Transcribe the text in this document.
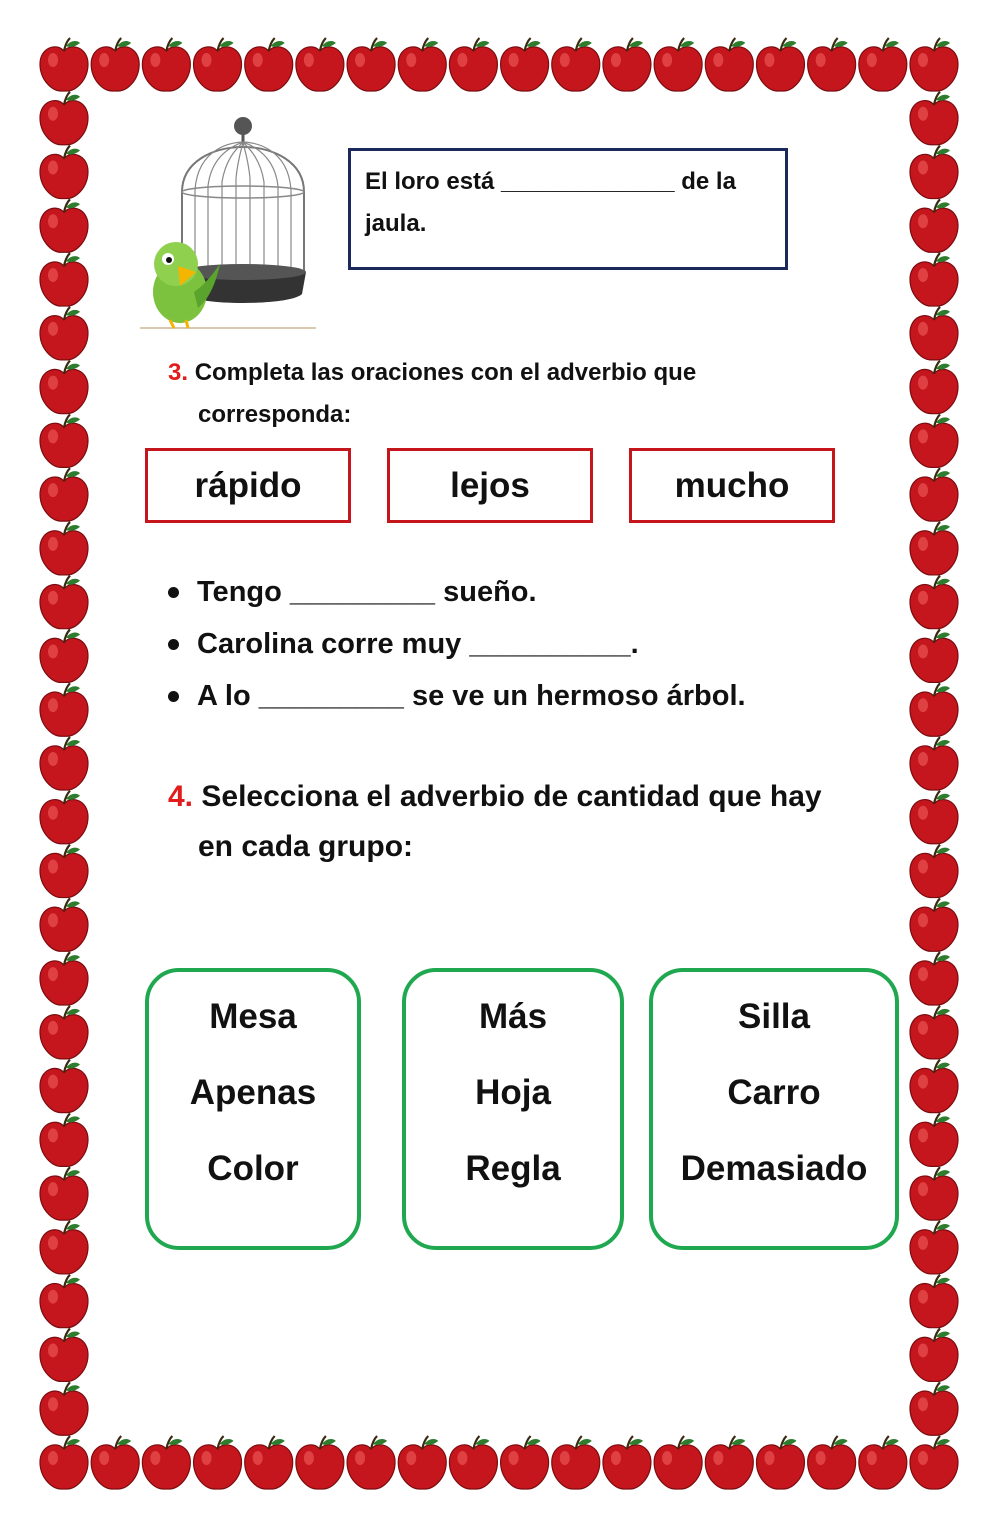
El loro está _____________ de la jaula.
3. Completa las oraciones con el adverbio que
corresponda:
rápido	lejos	mucho
Tengo _________ sueño.
Carolina corre muy __________.
A lo _________ se ve un hermoso árbol.
4. Selecciona el adverbio de cantidad que hay
en cada grupo:
Mesa
Apenas
Color
Más
Hoja
Regla
Silla
Carro
Demasiado
